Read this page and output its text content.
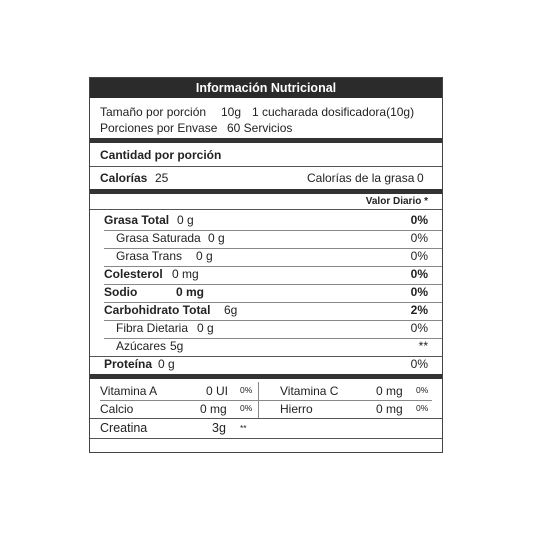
Información Nutricional
Tamaño por porción 10g 1 cucharada dosificadora(10g)
Porciones por Envase 60 Servicios
Cantidad por porción
Calorías 25	Calorías de la grasa 0
Valor Diario *
Grasa Total 0 g	0%
Grasa Saturada 0 g	0%
Grasa Trans 0 g	0%
Colesterol 0 mg	0%
Sodio	0 mg	0%
Carbohidrato Total 6g	2%
Fibra Dietaria 0 g	0%
Azúcares 5g	**
Proteína 0 g	0%
Vitamina A	0 UI 0% Vitamina C	0 mg 0%
Calcio	0 mg 0% Hierro	0 mg 0%
Creatina	3g **
